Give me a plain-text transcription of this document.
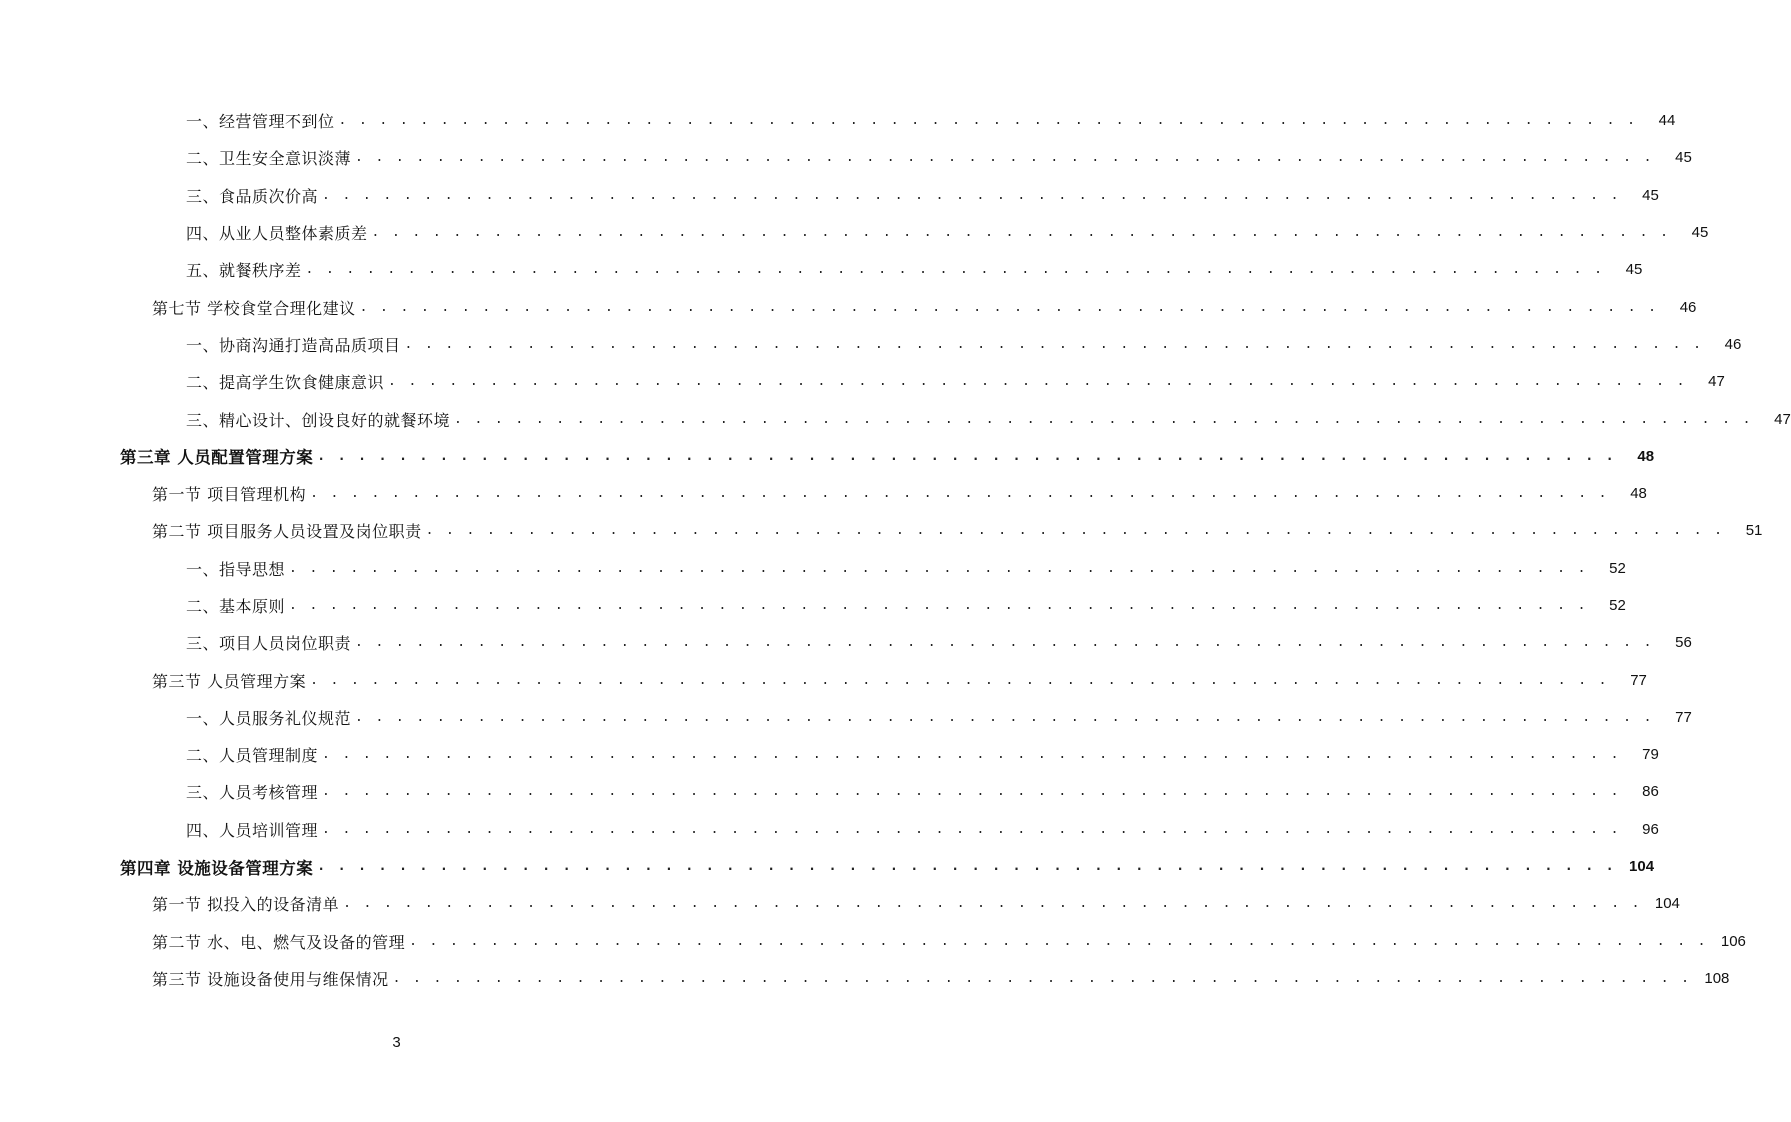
一、经营管理不到位 . . . . . . . . . . . . . . . . . . . . . . . . . . . . . . . . . . . . . . . . . . . . . . . . . . . . . . . . . . . . . . . .	44
二、卫生安全意识淡薄 . . . . . . . . . . . . . . . . . . . . . . . . . . . . . . . . . . . . . . . . . . . . . . . . . . . . . . . . . . . . . . . .	45
三、食品质次价高 . . . . . . . . . . . . . . . . . . . . . . . . . . . . . . . . . . . . . . . . . . . . . . . . . . . . . . . . . . . . . . . .	45
四、从业人员整体素质差 . . . . . . . . . . . . . . . . . . . . . . . . . . . . . . . . . . . . . . . . . . . . . . . . . . . . . . . . . . . . . . . .	45
五、就餐秩序差 . . . . . . . . . . . . . . . . . . . . . . . . . . . . . . . . . . . . . . . . . . . . . . . . . . . . . . . . . . . . . . . .	45
第七节 学校食堂合理化建议 . . . . . . . . . . . . . . . . . . . . . . . . . . . . . . . . . . . . . . . . . . . . . . . . . . . . . . . . . . . . . . . .	46
一、协商沟通打造高品质项目 . . . . . . . . . . . . . . . . . . . . . . . . . . . . . . . . . . . . . . . . . . . . . . . . . . . . . . . . . . . . . . . .	46
二、提高学生饮食健康意识 . . . . . . . . . . . . . . . . . . . . . . . . . . . . . . . . . . . . . . . . . . . . . . . . . . . . . . . . . . . . . . . .	47
三、精心设计、创设良好的就餐环境 . . . . . . . . . . . . . . . . . . . . . . . . . . . . . . . . . . . . . . . . . . . . . . . . . . . . . . . . . . . . . . . .	47
第三章 人员配置管理方案 . . . . . . . . . . . . . . . . . . . . . . . . . . . . . . . . . . . . . . . . . . . . . . . . . . . . . . . . . . . . . . . .	48
第一节 项目管理机构 . . . . . . . . . . . . . . . . . . . . . . . . . . . . . . . . . . . . . . . . . . . . . . . . . . . . . . . . . . . . . . . .	48
第二节 项目服务人员设置及岗位职责 . . . . . . . . . . . . . . . . . . . . . . . . . . . . . . . . . . . . . . . . . . . . . . . . . . . . . . . . . . . . . . . .	51
一、指导思想 . . . . . . . . . . . . . . . . . . . . . . . . . . . . . . . . . . . . . . . . . . . . . . . . . . . . . . . . . . . . . . . .	52
二、基本原则 . . . . . . . . . . . . . . . . . . . . . . . . . . . . . . . . . . . . . . . . . . . . . . . . . . . . . . . . . . . . . . . .	52
三、项目人员岗位职责 . . . . . . . . . . . . . . . . . . . . . . . . . . . . . . . . . . . . . . . . . . . . . . . . . . . . . . . . . . . . . . . .	56
第三节 人员管理方案 . . . . . . . . . . . . . . . . . . . . . . . . . . . . . . . . . . . . . . . . . . . . . . . . . . . . . . . . . . . . . . . .	77
一、人员服务礼仪规范 . . . . . . . . . . . . . . . . . . . . . . . . . . . . . . . . . . . . . . . . . . . . . . . . . . . . . . . . . . . . . . . .	77
二、人员管理制度 . . . . . . . . . . . . . . . . . . . . . . . . . . . . . . . . . . . . . . . . . . . . . . . . . . . . . . . . . . . . . . . .	79
三、人员考核管理 . . . . . . . . . . . . . . . . . . . . . . . . . . . . . . . . . . . . . . . . . . . . . . . . . . . . . . . . . . . . . . . .	86
四、人员培训管理 . . . . . . . . . . . . . . . . . . . . . . . . . . . . . . . . . . . . . . . . . . . . . . . . . . . . . . . . . . . . . . . .	96
第四章 设施设备管理方案 . . . . . . . . . . . . . . . . . . . . . . . . . . . . . . . . . . . . . . . . . . . . . . . . . . . . . . . . . . . . . . . . 104
第一节 拟投入的设备清单 . . . . . . . . . . . . . . . . . . . . . . . . . . . . . . . . . . . . . . . . . . . . . . . . . . . . . . . . . . . . . . . . 104
第二节 水、电、燃气及设备的管理 . . . . . . . . . . . . . . . . . . . . . . . . . . . . . . . . . . . . . . . . . . . . . . . . . . . . . . . . . . . . . . . . 106
第三节 设施设备使用与维保情况 . . . . . . . . . . . . . . . . . . . . . . . . . . . . . . . . . . . . . . . . . . . . . . . . . . . . . . . . . . . . . . . . 108
3
